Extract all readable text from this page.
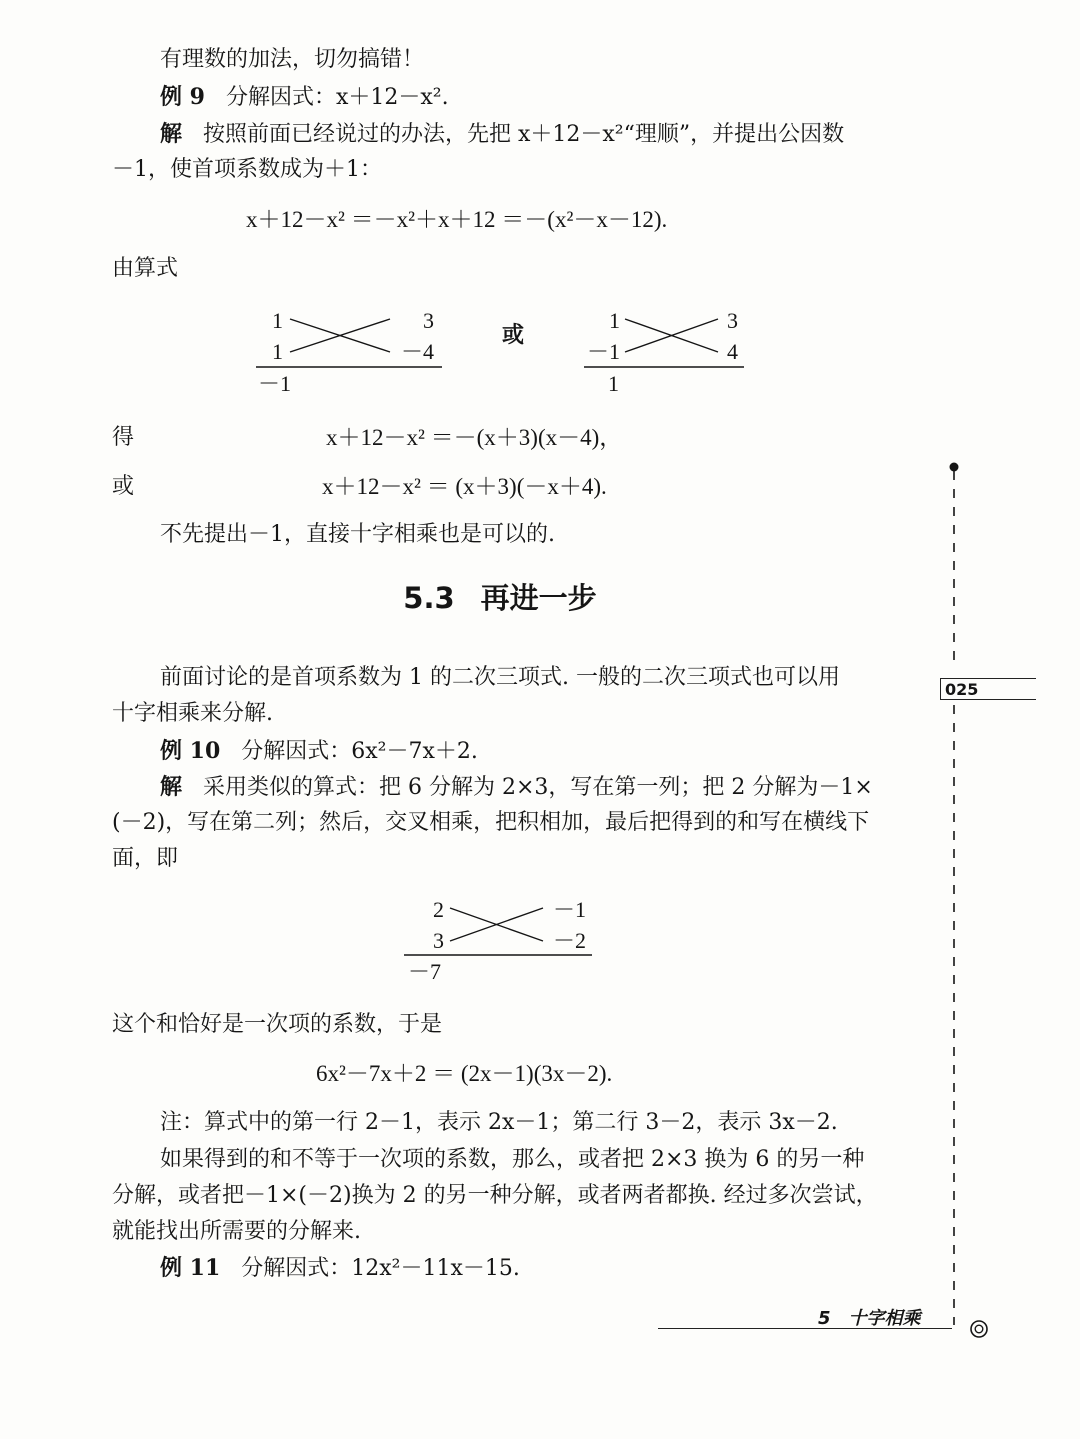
有理数的加法，切勿搞错！
例 9 分解因式：x＋12－x².
解 按照前面已经说过的办法，先把 x＋12－x²“理顺”，并提出公因数
－1，使首项系数成为＋1：
x＋12－x² ＝－x²＋x＋12 ＝－(x²－x－12).
由算式
1	3
1	－4
－1
或
1	3
－1	4
1
得	x＋12－x² ＝－(x＋3)(x－4)，
或	x＋12－x² ＝ (x＋3)(－x＋4).
不先提出－1，直接十字相乘也是可以的.
5.3 再进一步
前面讨论的是首项系数为 1 的二次三项式. 一般的二次三项式也可以用
十字相乘来分解.
例 10 分解因式：6x²－7x＋2.
解 采用类似的算式：把 6 分解为 2×3，写在第一列；把 2 分解为－1×
(－2)，写在第二列；然后，交叉相乘，把积相加，最后把得到的和写在横线下
面，即
2	－1
3	－2
－7
这个和恰好是一次项的系数，于是
6x²－7x＋2 ＝ (2x－1)(3x－2).
注：算式中的第一行 2－1，表示 2x－1；第二行 3－2，表示 3x－2.
如果得到的和不等于一次项的系数，那么，或者把 2×3 换为 6 的另一种
分解，或者把－1×(－2)换为 2 的另一种分解，或者两者都换. 经过多次尝试，
就能找出所需要的分解来.
例 11 分解因式：12x²－11x－15.
025
5 十字相乘
